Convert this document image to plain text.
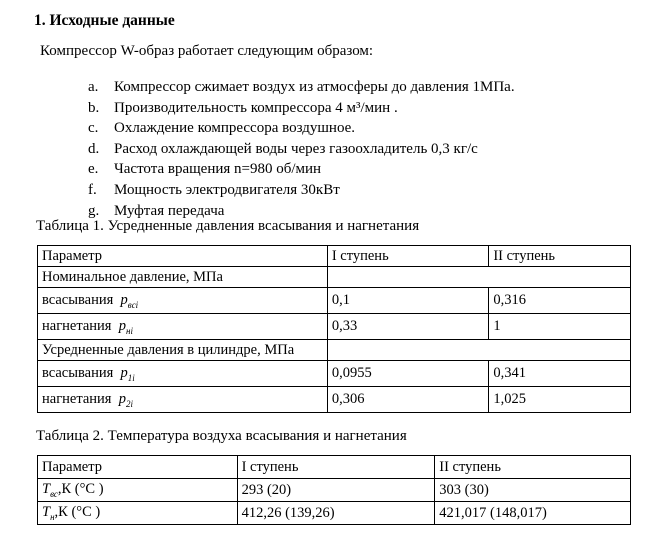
1. Исходные данные
Компрессор W-образ работает следующим образом:
a. Компрессор сжимает воздух из атмосферы до давления 1МПа.
b. Производительность компрессора 4 м³/мин .
c. Охлаждение компрессора воздушное.
d. Расход охлаждающей воды через газоохладитель 0,3 кг/с
e. Частота вращения n=980 об/мин
f. Мощность электродвигателя 30кВт
g. Муфтая передача
Таблица 1. Усредненные давления всасывания и нагнетания
Параметр	I ступень	II ступень
Номинальное давление, МПа		
всасывания $p_{вci}$	0,1	0,316
нагнетания $p_{нi}$	0,33	1
Усредненные давления в цилиндре, МПа		
всасывания $p_{1i}$	0,0955	0,341
нагнетания $p_{2i}$	0,306	1,025
Таблица 2. Температура воздуха всасывания и нагнетания
Параметр	I ступень	II ступень
$T_{вс},К$ (°C )	293 (20)	303 (30)
$T_н,К$ (°C )	412,26 (139,26)	421,017 (148,017)
